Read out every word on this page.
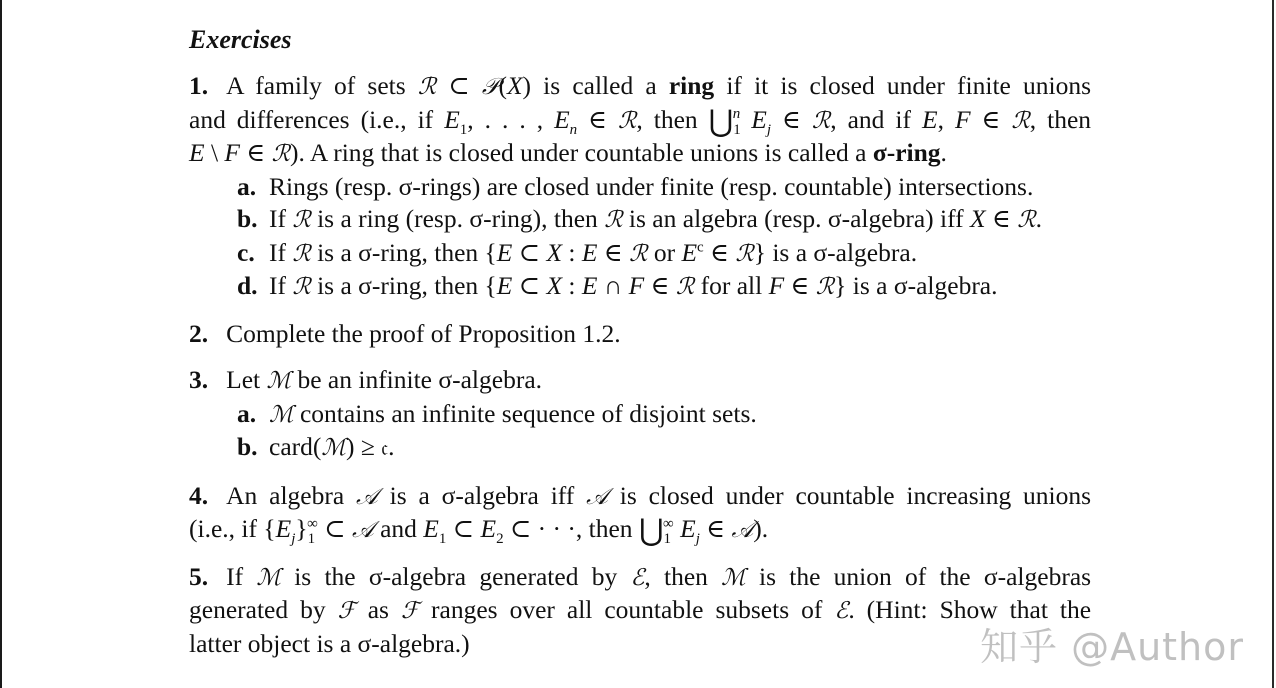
Exercises
1. A family of sets ℛ ⊂ 𝒫(X) is called a ring if it is closed under finite unions
and differences (i.e., if $E_1$, . . . , $E_n$ ∈ ℛ, then $⋃_1^n$ $E_j$ ∈ ℛ, and if E, F ∈ ℛ, then
E \ F ∈ ℛ). A ring that is closed under countable unions is called a σ-ring.
a. Rings (resp. σ-rings) are closed under finite (resp. countable) intersections.
b. If ℛ is a ring (resp. σ-ring), then ℛ is an algebra (resp. σ-algebra) iff X ∈ ℛ.
c. If ℛ is a σ-ring, then {E ⊂ X : E ∈ ℛ or $E^c$ ∈ ℛ} is a σ-algebra.
d. If ℛ is a σ-ring, then {E ⊂ X : E ∩ F ∈ ℛ for all F ∈ ℛ} is a σ-algebra.
2. Complete the proof of Proposition 1.2.
3. Let ℳ be an infinite σ-algebra.
a. ℳ contains an infinite sequence of disjoint sets.
b. card(ℳ) ≥ 𝔠.
4. An algebra 𝒜 is a σ-algebra iff 𝒜 is closed under countable increasing unions
(i.e., if $\{E_j\}_1^\infty$ ⊂ 𝒜 and $E_1$ ⊂ $E_2$ ⊂ · · ·, then $⋃_1^\infty$ $E_j$ ∈ 𝒜).
5. If ℳ is the σ-algebra generated by ℰ, then ℳ is the union of the σ-algebras
generated by ℱ as ℱ ranges over all countable subsets of ℰ. (Hint: Show that the
latter object is a σ-algebra.)	知乎 @Author
